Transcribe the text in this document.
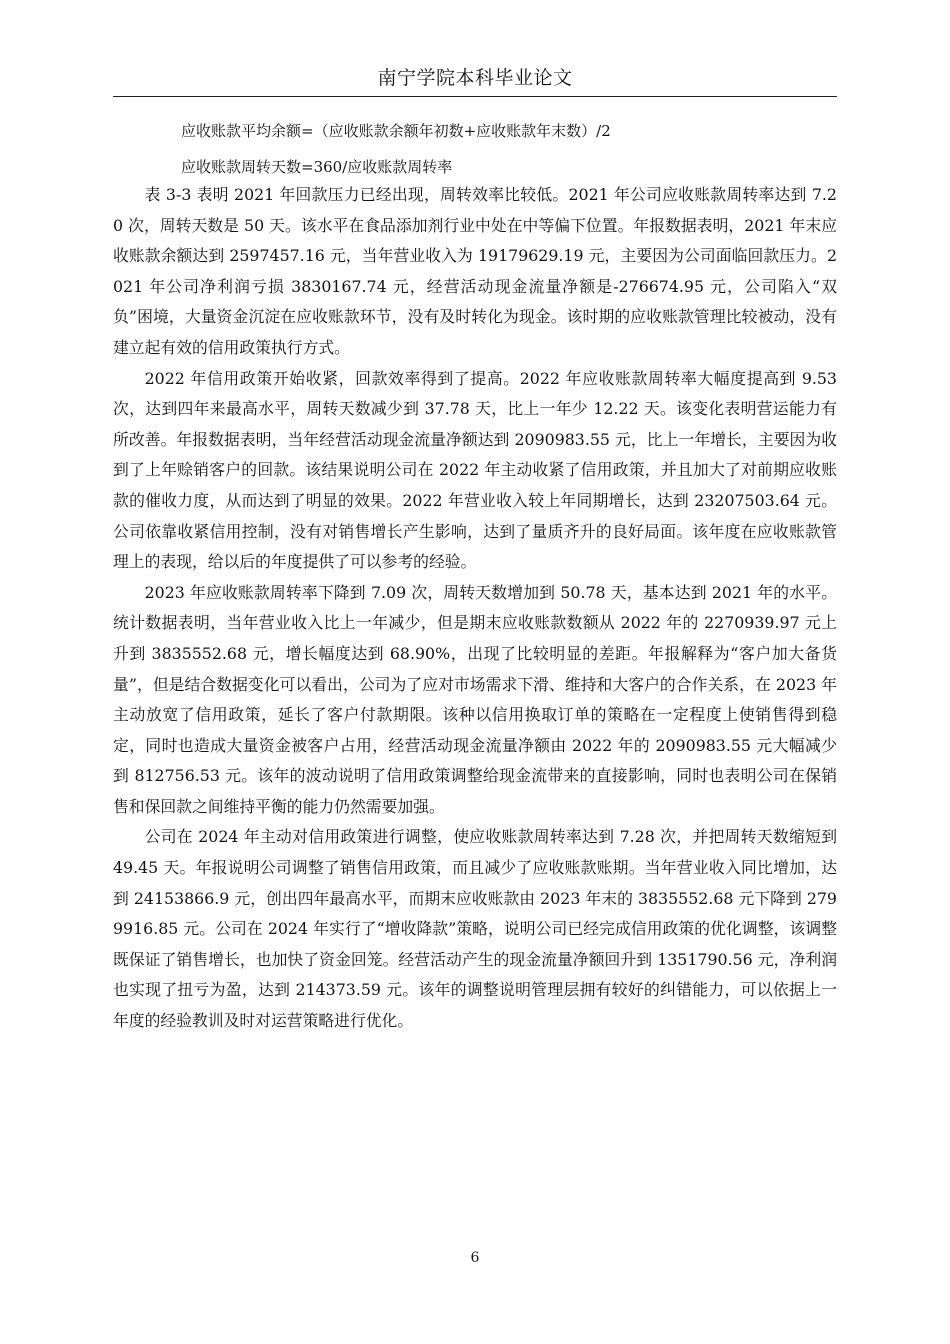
南宁学院本科毕业论文
应收账款平均余额=（应收账款余额年初数+应收账款年末数）/2
应收账款周转天数=360/应收账款周转率

表 3-3 表明 2021 年回款压力已经出现，周转效率比较低。2021 年公司应收账款周转率达到 7.20 次，周转天数是 50 天。该水平在食品添加剂行业中处在中等偏下位置。年报数据表明，2021 年末应收账款余额达到 2597457.16 元，当年营业收入为 19179629.19 元，主要因为公司面临回款压力。2021 年公司净利润亏损 3830167.74 元，经营活动现金流量净额是-276674.95 元，公司陷入“双负”困境，大量资金沉淀在应收账款环节，没有及时转化为现金。该时期的应收账款管理比较被动，没有建立起有效的信用政策执行方式。

2022 年信用政策开始收紧，回款效率得到了提高。2022 年应收账款周转率大幅度提高到 9.53 次，达到四年来最高水平，周转天数减少到 37.78 天，比上一年少 12.22 天。该变化表明营运能力有所改善。年报数据表明，当年经营活动现金流量净额达到 2090983.55 元，比上一年增长，主要因为收到了上年赊销客户的回款。该结果说明公司在 2022 年主动收紧了信用政策，并且加大了对前期应收账款的催收力度，从而达到了明显的效果。2022 年营业收入较上年同期增长，达到 23207503.64 元。公司依靠收紧信用控制，没有对销售增长产生影响，达到了量质齐升的良好局面。该年度在应收账款管理上的表现，给以后的年度提供了可以参考的经验。

2023 年应收账款周转率下降到 7.09 次，周转天数增加到 50.78 天，基本达到 2021 年的水平。统计数据表明，当年营业收入比上一年减少，但是期末应收账款数额从 2022 年的 2270939.97 元上升到 3835552.68 元，增长幅度达到 68.90%，出现了比较明显的差距。年报解释为“客户加大备货量”，但是结合数据变化可以看出，公司为了应对市场需求下滑、维持和大客户的合作关系，在 2023 年主动放宽了信用政策，延长了客户付款期限。该种以信用换取订单的策略在一定程度上使销售得到稳定，同时也造成大量资金被客户占用，经营活动现金流量净额由 2022 年的 2090983.55 元大幅减少到 812756.53 元。该年的波动说明了信用政策调整给现金流带来的直接影响，同时也表明公司在保销售和保回款之间维持平衡的能力仍然需要加强。

公司在 2024 年主动对信用政策进行调整，使应收账款周转率达到 7.28 次，并把周转天数缩短到 49.45 天。年报说明公司调整了销售信用政策，而且减少了应收账款账期。当年营业收入同比增加，达到 24153866.9 元，创出四年最高水平，而期末应收账款由 2023 年末的 3835552.68 元下降到 2799916.85 元。公司在 2024 年实行了“增收降款”策略，说明公司已经完成信用政策的优化调整，该调整既保证了销售增长，也加快了资金回笼。经营活动产生的现金流量净额回升到 1351790.56 元，净利润也实现了扭亏为盈，达到 214373.59 元。该年的调整说明管理层拥有较好的纠错能力，可以依据上一年度的经验教训及时对运营策略进行优化。

6
